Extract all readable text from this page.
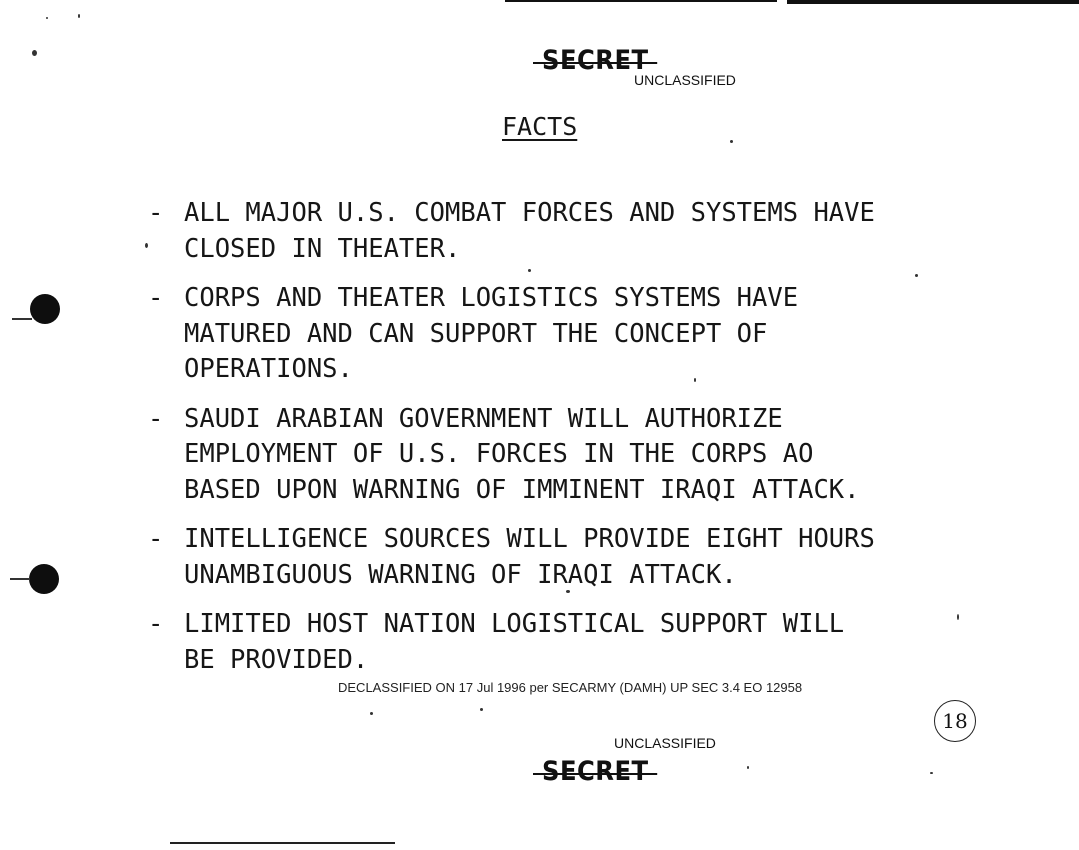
SECRET
UNCLASSIFIED
FACTS
- ALL MAJOR U.S. COMBAT FORCES AND SYSTEMS HAVE
CLOSED IN THEATER.
- CORPS AND THEATER LOGISTICS SYSTEMS HAVE
MATURED AND CAN SUPPORT THE CONCEPT OF
OPERATIONS.
- SAUDI ARABIAN GOVERNMENT WILL AUTHORIZE
EMPLOYMENT OF U.S. FORCES IN THE CORPS AO
BASED UPON WARNING OF IMMINENT IRAQI ATTACK.
- INTELLIGENCE SOURCES WILL PROVIDE EIGHT HOURS
UNAMBIGUOUS WARNING OF IRAQI ATTACK.
- LIMITED HOST NATION LOGISTICAL SUPPORT WILL
BE PROVIDED.
DECLASSIFIED ON 17 Jul 1996 per SECARMY (DAMH) UP SEC 3.4 EO 12958
UNCLASSIFIED
SECRET
18
